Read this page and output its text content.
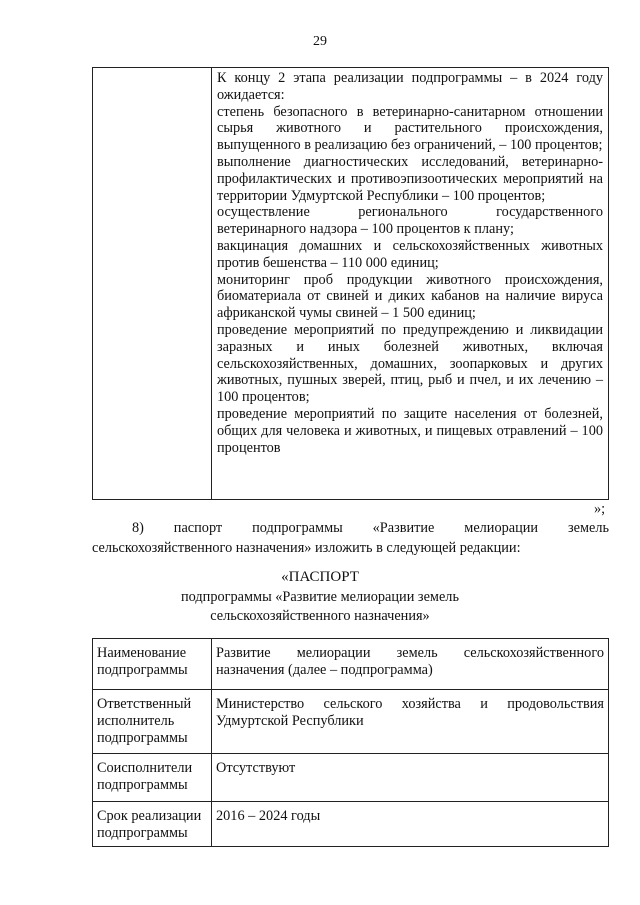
29
К концу 2 этапа реализации подпрограммы – в 2024 году ожидается:
степень безопасного в ветеринарно-санитарном отношении сырья животного и растительного происхождения, выпущенного в реализацию без ограничений, – 100 процентов;
выполнение диагностических исследований, ветеринарно-профилактических и противоэпизоотических мероприятий на территории Удмуртской Республики – 100 процентов;
осуществление регионального государственного ветеринарного надзора – 100 процентов к плану;
вакцинация домашних и сельскохозяйственных животных против бешенства – 110 000 единиц;
мониторинг проб продукции животного происхождения, биоматериала от свиней и диких кабанов на наличие вируса африканской чумы свиней – 1 500 единиц;
проведение мероприятий по предупреждению и ликвидации заразных и иных болезней животных, включая сельскохозяйственных, домашних, зоопарковых и других животных, пушных зверей, птиц, рыб и пчел, и их лечению – 100 процентов;
проведение мероприятий по защите населения от болезней, общих для человека и животных, и пищевых отравлений – 100 процентов
»;
8) паспорт подпрограммы «Развитие мелиорации земель сельскохозяйственного назначения» изложить в следующей редакции:
«ПАСПОРТ
подпрограммы «Развитие мелиорации земель сельскохозяйственного назначения»
Наименование подпрограммы	Развитие мелиорации земель сельскохозяйственного назначения (далее – подпрограмма)
Ответственный исполнитель подпрограммы	Министерство сельского хозяйства и продовольствия Удмуртской Республики
Соисполнители подпрограммы	Отсутствуют
Срок реализации подпрограммы	2016 – 2024 годы
